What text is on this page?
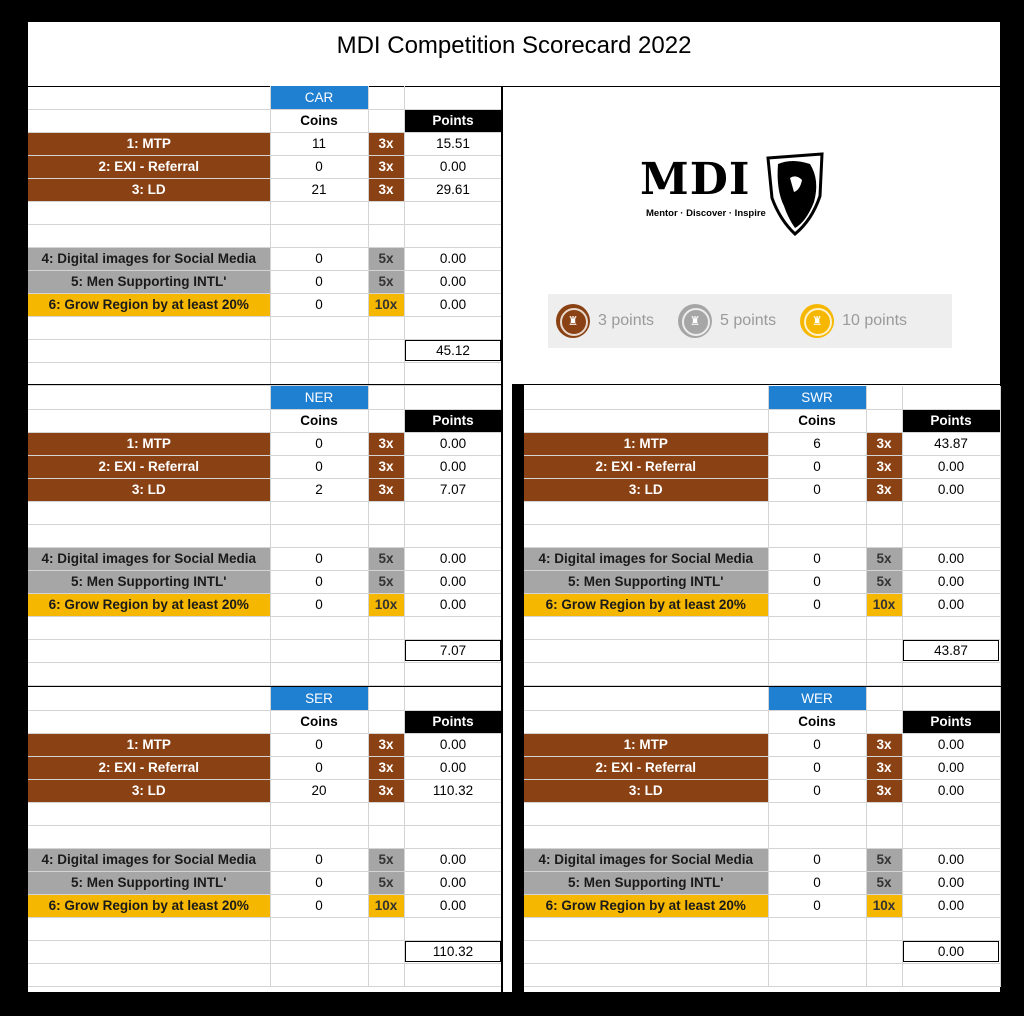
MDI Competition Scorecard 2022
	CAR		
	Coins		Points
1: MTP	11	3x	15.51
2: EXI - Referral	0	3x	0.00
3: LD	21	3x	29.61

4: Digital images for Social Media	0	5x	0.00
5: Men Supporting INTL'	0	5x	0.00
6: Grow Region by at least 20%	0	10x	0.00

			45.12

	NER		
	Coins		Points
1: MTP	0	3x	0.00
2: EXI - Referral	0	3x	0.00
3: LD	2	3x	7.07

4: Digital images for Social Media	0	5x	0.00
5: Men Supporting INTL'	0	5x	0.00
6: Grow Region by at least 20%	0	10x	0.00

			7.07

	SWR		
	Coins		Points
1: MTP	6	3x	43.87
2: EXI - Referral	0	3x	0.00
3: LD	0	3x	0.00

4: Digital images for Social Media	0	5x	0.00
5: Men Supporting INTL'	0	5x	0.00
6: Grow Region by at least 20%	0	10x	0.00

			43.87

	SER		
	Coins		Points
1: MTP	0	3x	0.00
2: EXI - Referral	0	3x	0.00
3: LD	20	3x	110.32

4: Digital images for Social Media	0	5x	0.00
5: Men Supporting INTL'	0	5x	0.00
6: Grow Region by at least 20%	0	10x	0.00

			110.32

	WER		
	Coins		Points
1: MTP	0	3x	0.00
2: EXI - Referral	0	3x	0.00
3: LD	0	3x	0.00

4: Digital images for Social Media	0	5x	0.00
5: Men Supporting INTL'	0	5x	0.00
6: Grow Region by at least 20%	0	10x	0.00

			0.00

MDI
Mentor · Discover · Inspire
♜	3 points	♜	5 points	♜	10 points
